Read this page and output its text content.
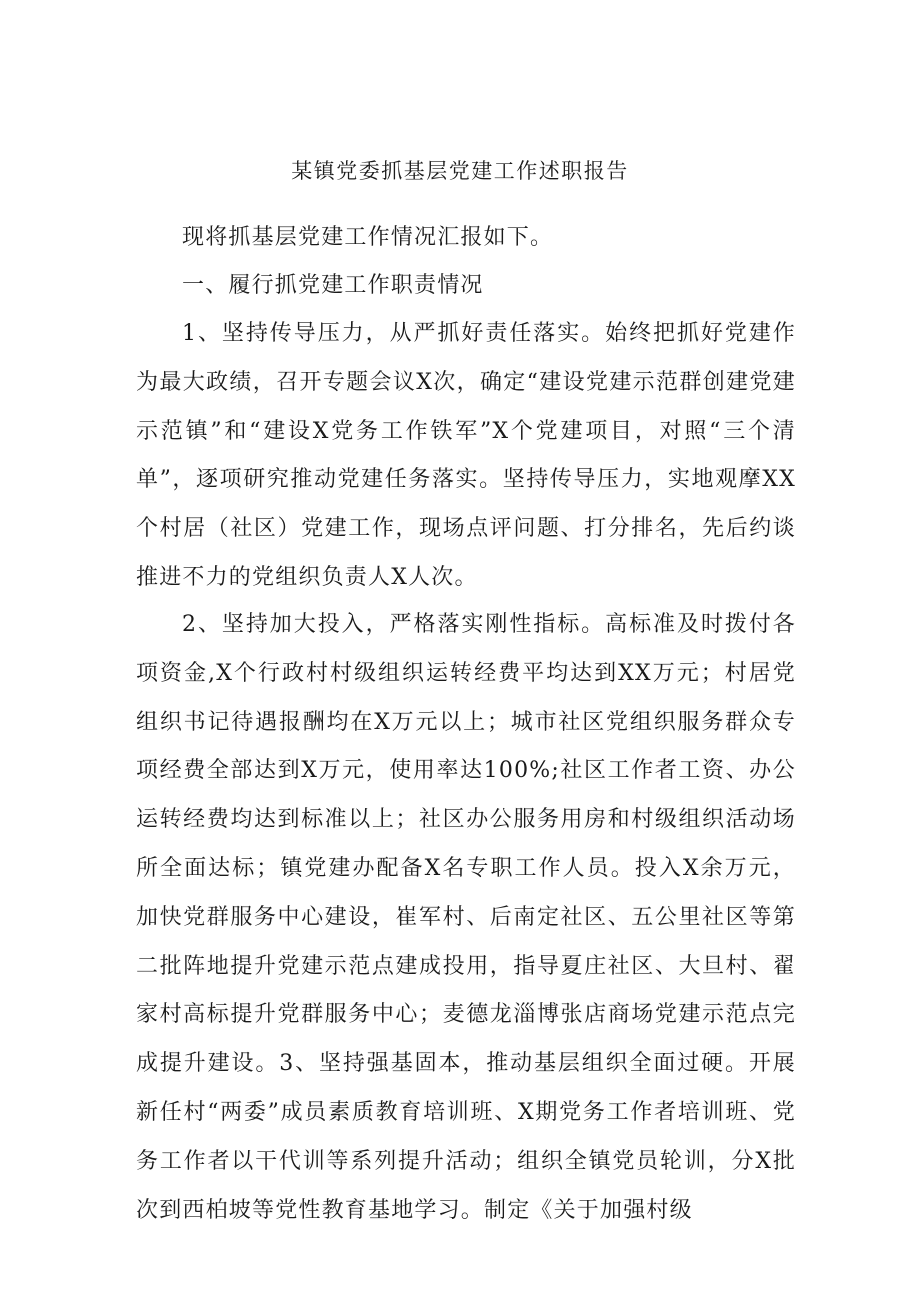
某镇党委抓基层党建工作述职报告

现将抓基层党建工作情况汇报如下。

一、履行抓党建工作职责情况

1、坚持传导压力，从严抓好责任落实。始终把抓好党建作为最大政绩，召开专题会议X次，确定“建设党建示范群创建党建示范镇”和“建设X党务工作铁军”X个党建项目，对照“三个清单”，逐项研究推动党建任务落实。坚持传导压力，实地观摩XX个村居（社区）党建工作，现场点评问题、打分排名，先后约谈推进不力的党组织负责人X人次。

2、坚持加大投入，严格落实刚性指标。高标准及时拨付各项资金,X个行政村村级组织运转经费平均达到XX万元；村居党组织书记待遇报酬均在X万元以上；城市社区党组织服务群众专项经费全部达到X万元，使用率达100%;社区工作者工资、办公运转经费均达到标准以上；社区办公服务用房和村级组织活动场所全面达标；镇党建办配备X名专职工作人员。投入X余万元，加快党群服务中心建设，崔军村、后南定社区、五公里社区等第二批阵地提升党建示范点建成投用，指导夏庄社区、大旦村、翟家村高标提升党群服务中心；麦德龙淄博张店商场党建示范点完成提升建设。3、坚持强基固本，推动基层组织全面过硬。开展新任村“两委”成员素质教育培训班、X期党务工作者培训班、党务工作者以干代训等系列提升活动；组织全镇党员轮训，分X批次到西柏坡等党性教育基地学习。制定《关于加强村级
